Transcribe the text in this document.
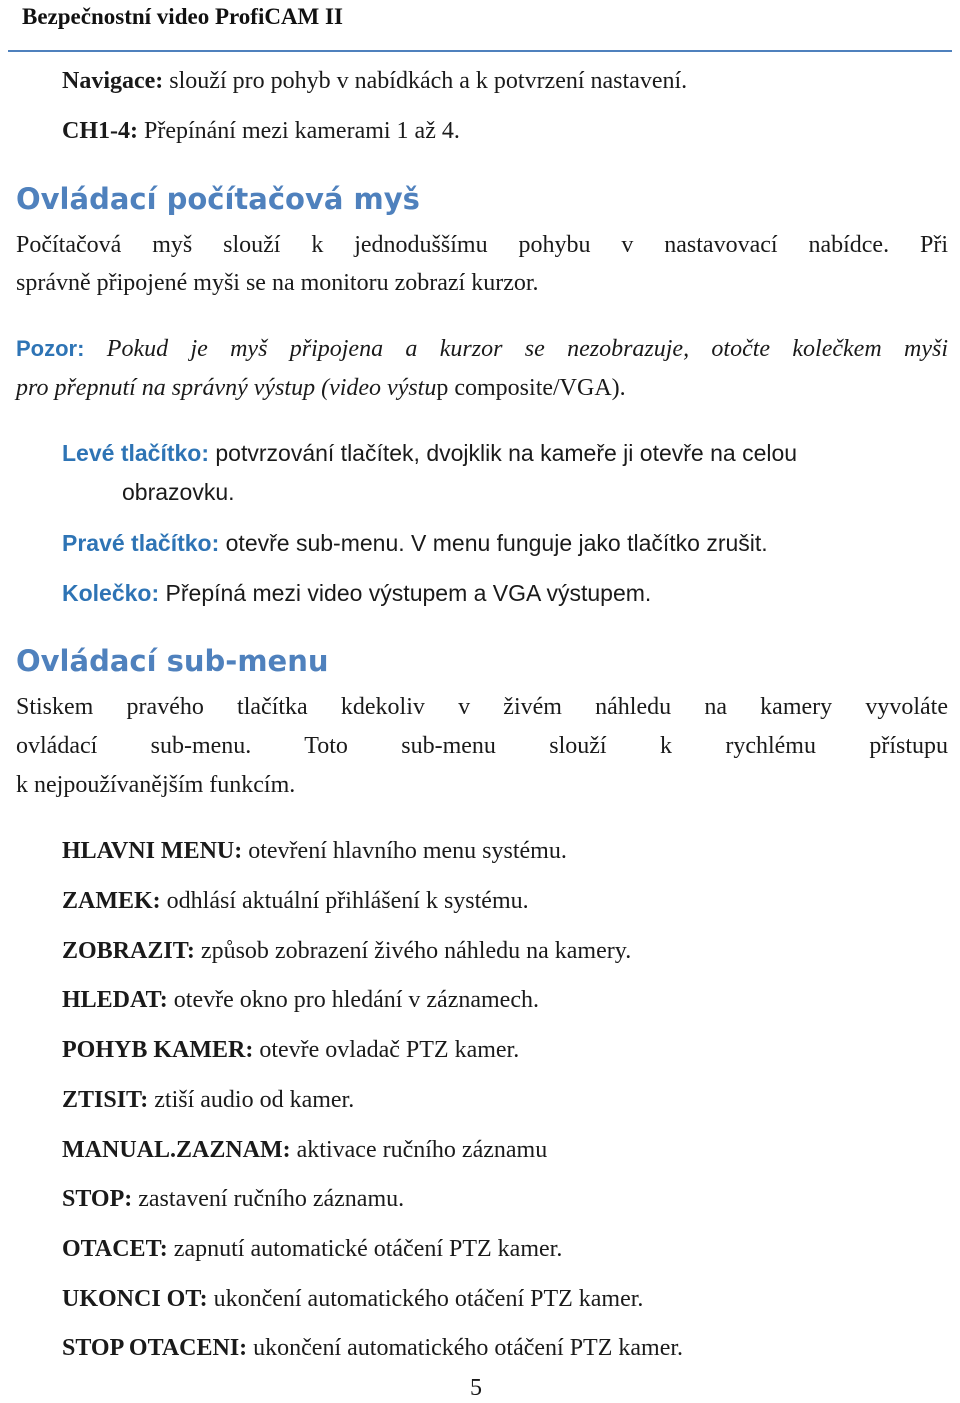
Bezpečnostní video ProfiCAM II
Navigace: slouží pro pohyb v nabídkách a k potvrzení nastavení.
CH1-4: Přepínání mezi kamerami 1 až 4.
Ovládací počítačová myš
Počítačová myš slouží k jednoduššímu pohybu v nastavovací nabídce. Při
správně připojené myši se na monitoru zobrazí kurzor.
Pozor: Pokud je myš připojena a kurzor se nezobrazuje, otočte kolečkem myši
pro přepnutí na správný výstup (video výstup composite/VGA).
Levé tlačítko: potvrzování tlačítek, dvojklik na kameře ji otevře na celou
obrazovku.
Pravé tlačítko: otevře sub-menu. V menu funguje jako tlačítko zrušit.
Kolečko: Přepíná mezi video výstupem a VGA výstupem.
Ovládací sub-menu
Stiskem pravého tlačítka kdekoliv v živém náhledu na kamery vyvoláte
ovládací sub-menu. Toto sub-menu slouží k rychlému přístupu
k nejpoužívanějším funkcím.
HLAVNI MENU: otevření hlavního menu systému.
ZAMEK: odhlásí aktuální přihlášení k systému.
ZOBRAZIT: způsob zobrazení živého náhledu na kamery.
HLEDAT: otevře okno pro hledání v záznamech.
POHYB KAMER: otevře ovladač PTZ kamer.
ZTISIT: ztiší audio od kamer.
MANUAL.ZAZNAM: aktivace ručního záznamu
STOP: zastavení ručního záznamu.
OTACET: zapnutí automatické otáčení PTZ kamer.
UKONCI OT: ukončení automatického otáčení PTZ kamer.
STOP OTACENI: ukončení automatického otáčení PTZ kamer.
5
